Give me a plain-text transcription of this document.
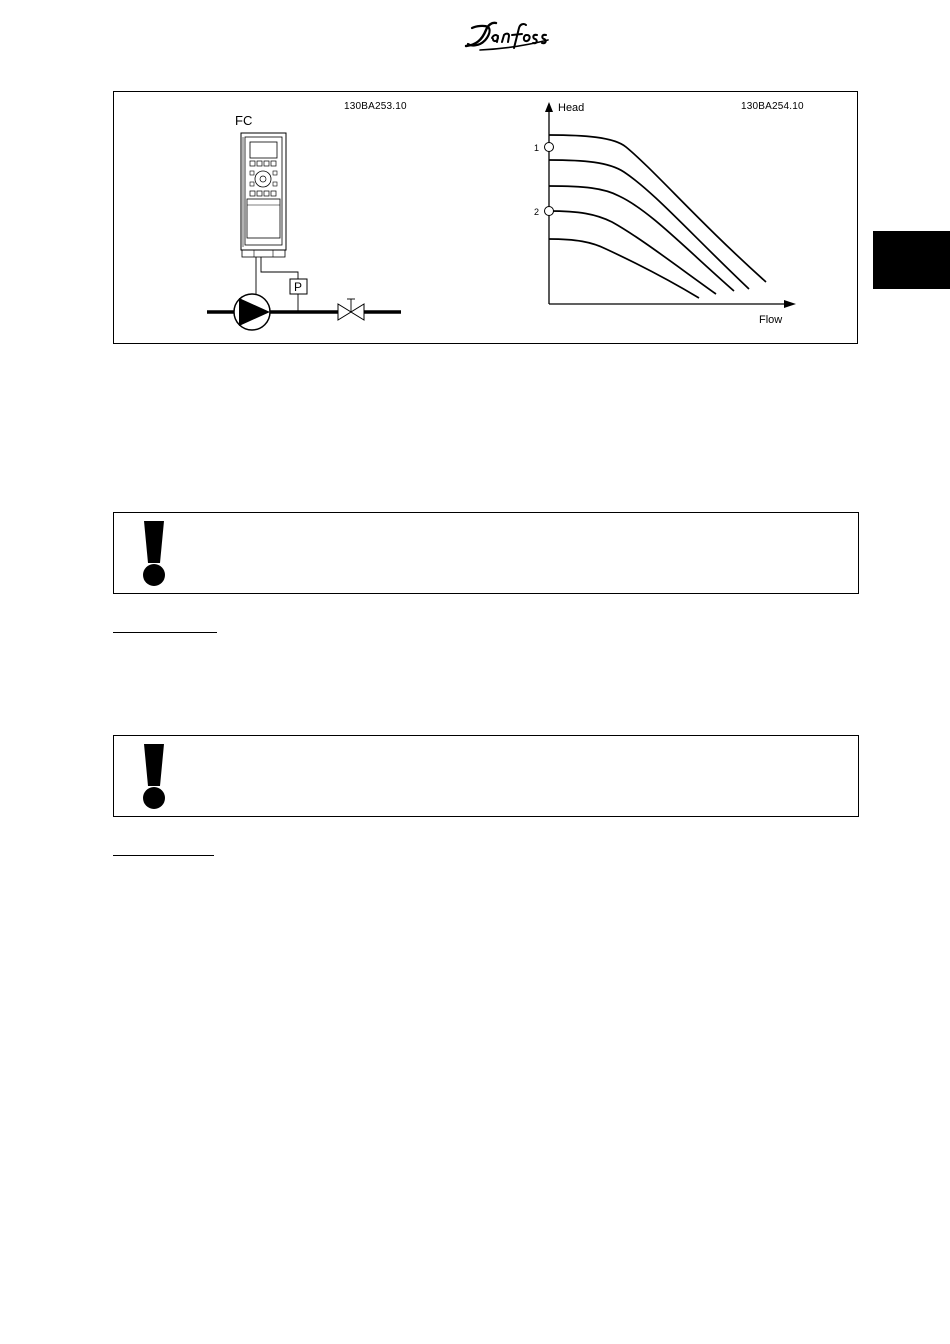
130BA253.10	130BA254.10
FC
P
Head
Flow
1
2
